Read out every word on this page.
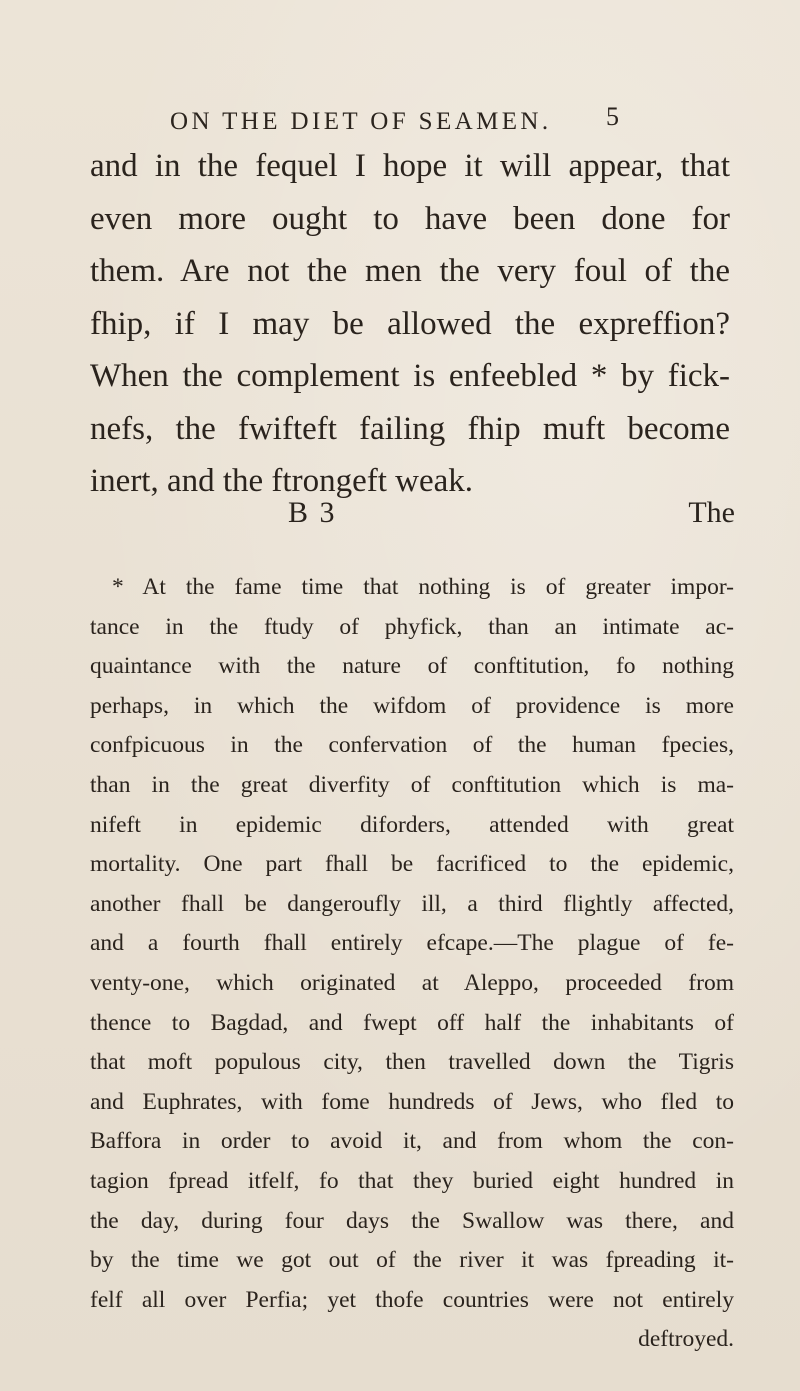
ON THE DIET OF SEAMEN.	5
and in the fequel I hope it will appear, that
even more ought to have been done for
them. Are not the men the very foul of the
fhip, if I may be allowed the expreffion?
When the complement is enfeebled * by fick-
nefs, the fwifteft failing fhip muft become
inert, and the ftrongeft weak.
B 3	The
* At the fame time that nothing is of greater impor-
tance in the ftudy of phyfick, than an intimate ac-
quaintance with the nature of conftitution, fo nothing
perhaps, in which the wifdom of providence is more
confpicuous in the confervation of the human fpecies,
than in the great diverfity of conftitution which is ma-
nifeft in epidemic diforders, attended with great
mortality. One part fhall be facrificed to the epidemic,
another fhall be dangeroufly ill, a third flightly affected,
and a fourth fhall entirely efcape.—The plague of fe-
venty-one, which originated at Aleppo, proceeded from
thence to Bagdad, and fwept off half the inhabitants of
that moft populous city, then travelled down the Tigris
and Euphrates, with fome hundreds of Jews, who fled to
Baffora in order to avoid it, and from whom the con-
tagion fpread itfelf, fo that they buried eight hundred in
the day, during four days the Swallow was there, and
by the time we got out of the river it was fpreading it-
felf all over Perfia; yet thofe countries were not entirely
deftroyed.
